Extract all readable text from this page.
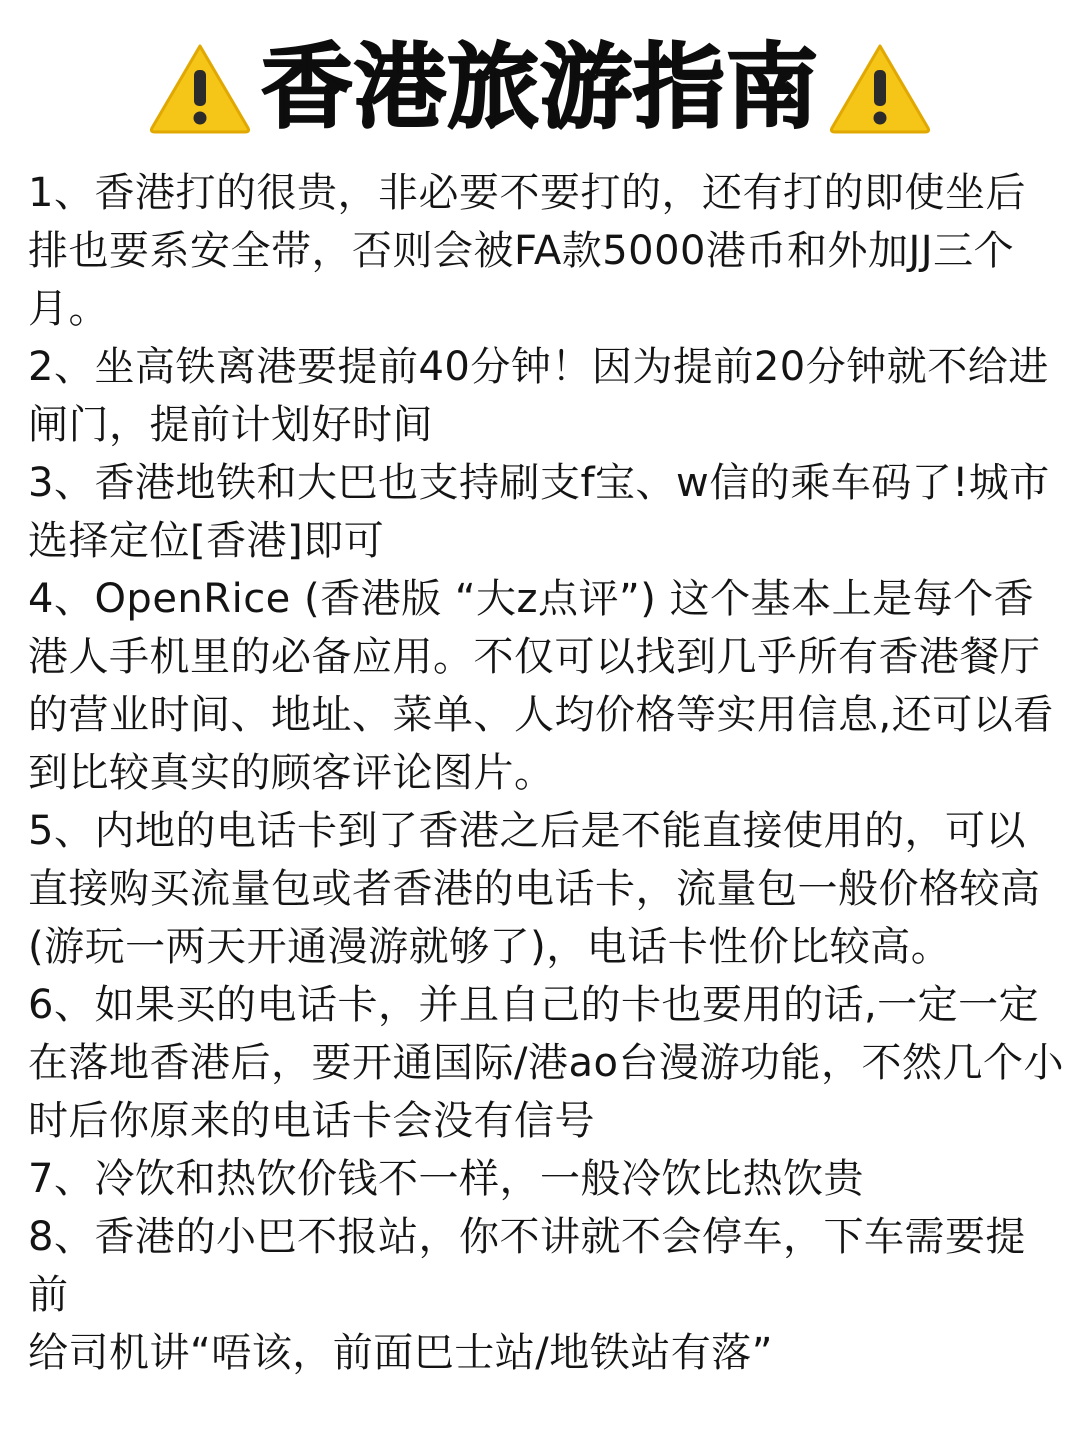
香港旅游指南

1、香港打的很贵，非必要不要打的，还有打的即使坐后排也要系安全带，否则会被FA款5000港币和外加JJ三个月。

2、坐高铁离港要提前40分钟！因为提前20分钟就不给进闸门，提前计划好时间

3、香港地铁和大巴也支持刷支f宝、w信的乘车码了!城市选择定位[香港]即可

4、OpenRice (香港版 “大z点评”) 这个基本上是每个香港人手机里的必备应用。不仅可以找到几乎所有香港餐厅的营业时间、地址、菜单、人均价格等实用信息,还可以看到比较真实的顾客评论图片。

5、内地的电话卡到了香港之后是不能直接使用的，可以直接购买流量包或者香港的电话卡，流量包一般价格较高(游玩一两天开通漫游就够了)，电话卡性价比较高。

6、如果买的电话卡，并且自己的卡也要用的话,一定一定在落地香港后，要开通国际/港ao台漫游功能，不然几个小时后你原来的电话卡会没有信号

7、冷饮和热饮价钱不一样，一般冷饮比热饮贵

8、香港的小巴不报站，你不讲就不会停车，下车需要提前

给司机讲“唔该，前面巴士站/地铁站有落”
